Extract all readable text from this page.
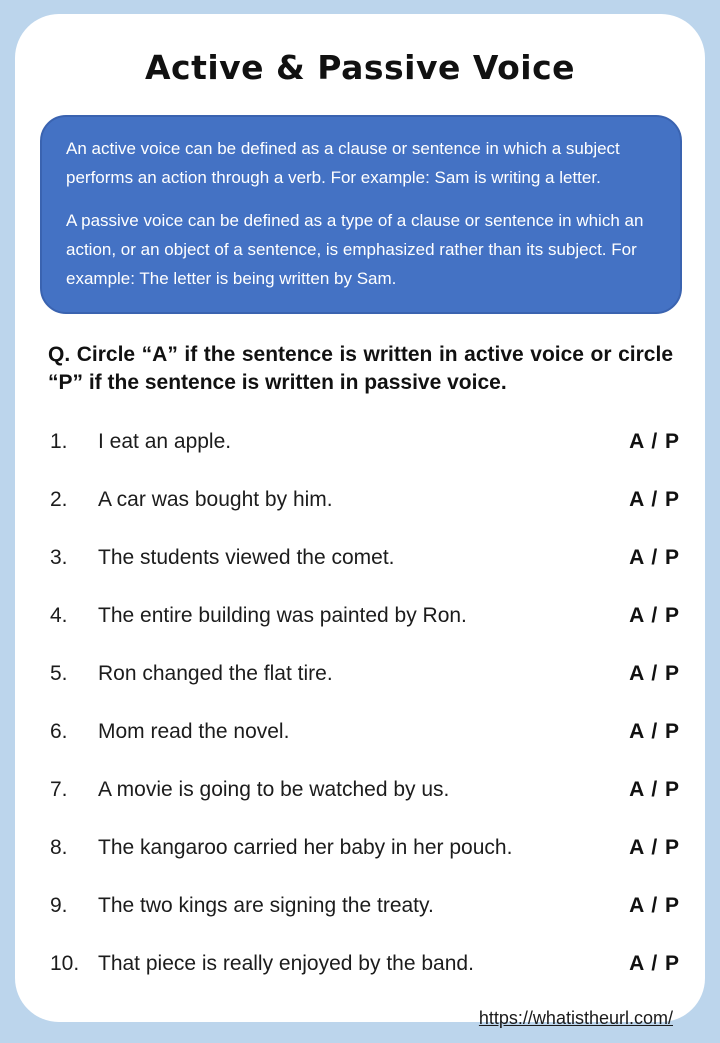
Active & Passive Voice

An active voice can be defined as a clause or sentence in which a subject performs an action through a verb. For example: Sam is writing a letter.

A passive voice can be defined as a type of a clause or sentence in which an action, or an object of a sentence, is emphasized rather than its subject. For example: The letter is being written by Sam.

Q. Circle “A” if the sentence is written in active voice or circle “P” if the sentence is written in passive voice.

1.	I eat an apple.	A / P
2.	A car was bought by him.	A / P
3.	The students viewed the comet.	A / P
4.	The entire building was painted by Ron.	A / P
5.	Ron changed the flat tire.	A / P
6.	Mom read the novel.	A / P
7.	A movie is going to be watched by us.	A / P
8.	The kangaroo carried her baby in her pouch.	A / P
9.	The two kings are signing the treaty.	A / P
10. That piece is really enjoyed by the band.	A / P
https://whatistheurl.com/
